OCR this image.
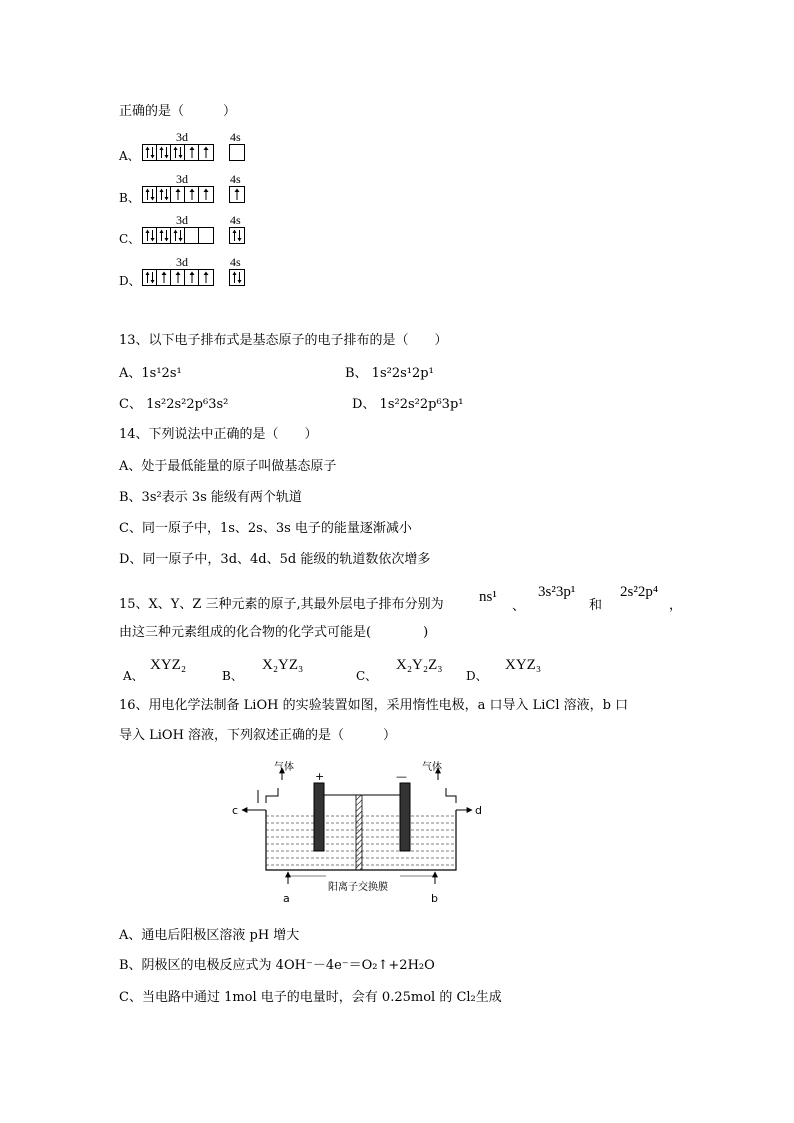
正确的是（　　　）
A、
3d	4s
B、
3d	4s
C、
3d	4s
D、
3d	4s
13、以下电子排布式是基态原子的电子排布的是（　　）
A、1s¹2s¹	B、 1s²2s¹2p¹
C、 1s²2s²2p⁶3s²	D、 1s²2s²2p⁶3p¹
14、下列说法中正确的是（　　）
A、处于最低能量的原子叫做基态原子
B、3s²表示 3s 能级有两个轨道
C、同一原子中，1s、2s、3s 电子的能量逐渐减小
D、同一原子中，3d、4d、5d 能级的轨道数依次增多
15、X、Y、Z 三种元素的原子,其最外层电子排布分别为 ns¹
、
3s²3p¹
和
2s²2p⁴
，
由这三种元素组成的化合物的化学式可能是(　　　　)
A、
XYZ₂
B、
X₂YZ₃
C、
X₂Y₂Z₃
D、
XYZ₃
16、用电化学法制备 LiOH 的实验装置如图，采用惰性电极，a 口导入 LiCl 溶液，b 口
导入 LiOH 溶液，下列叙述正确的是（　　　）
气体	气体
+	—
c	d
a	b
阳离子交换膜
A、通电后阳极区溶液 pH 增大
B、阴极区的电极反应式为 4OH⁻－4e⁻＝O₂↑+2H₂O
C、当电路中通过 1mol 电子的电量时，会有 0.25mol 的 Cl₂生成
